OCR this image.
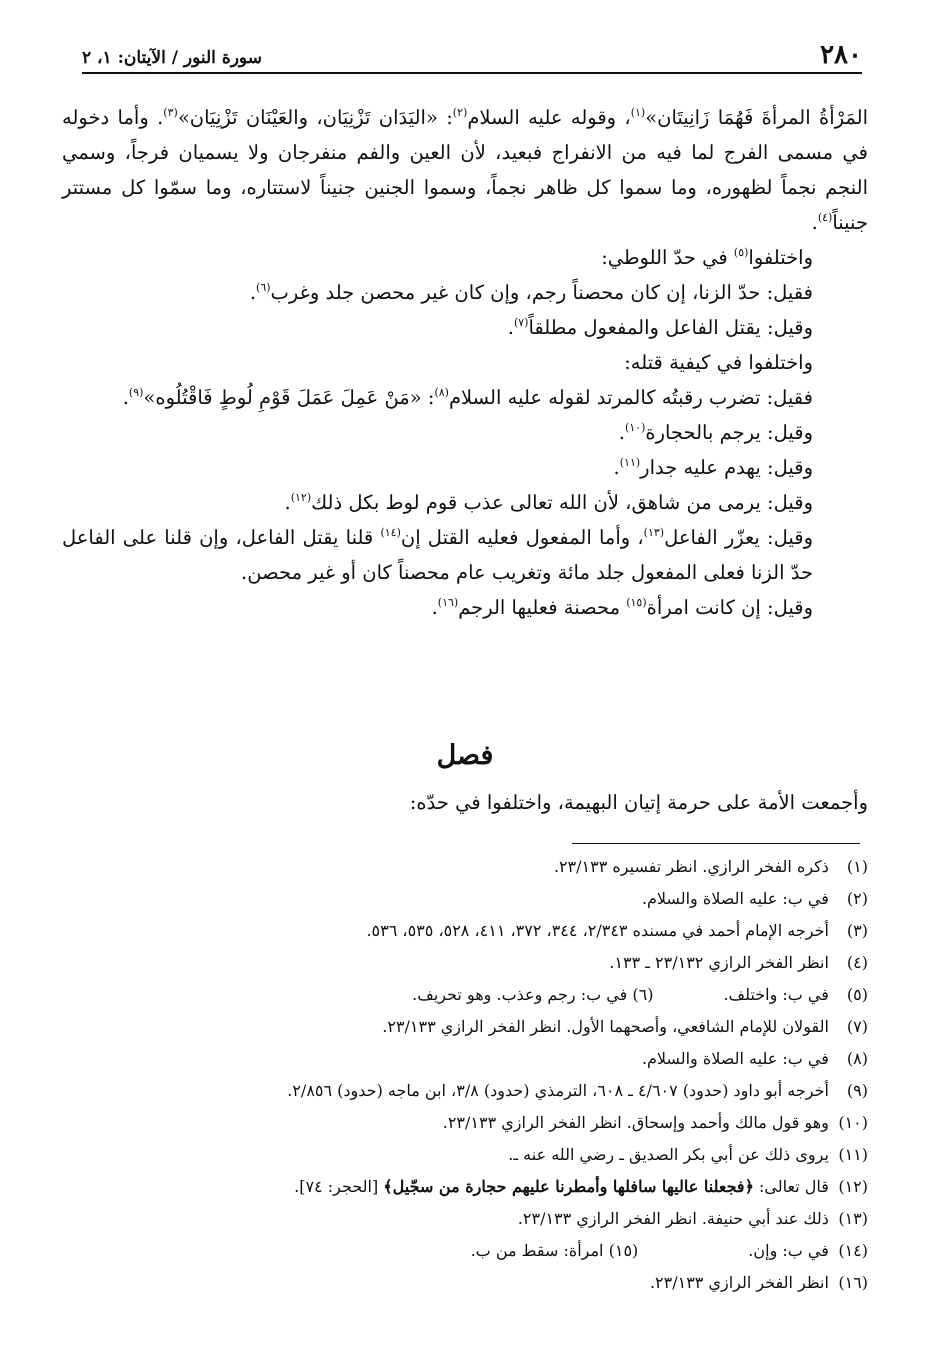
٢٨٠
سورة النور / الآيتان: ١، ٢

المَرْأةُ المرأةَ فَهُمَا زَانِيتَان»$^{(١)}$، وقوله عليه السلام$^{(٢)}$: «اليَدَان تَزْنِيَان، والعَيْنَان تَزْنِيَان»$^{(٣)}$. وأما دخوله في مسمى الفرج لما فيه من الانفراج فبعيد، لأن العين والفم منفرجان ولا يسميان فرجاً، وسمي النجم نجماً لظهوره، وما سموا كل ظاهر نجماً، وسموا الجنين جنيناً لاستتاره، وما سمّوا كل مستتر جنيناً$^{(٤)}$.

واختلفوا$^{(٥)}$ في حدّ اللوطي:

فقيل: حدّ الزنا، إن كان محصناً رجم، وإن كان غير محصن جلد وغرب$^{(٦)}$.

وقيل: يقتل الفاعل والمفعول مطلقاً$^{(٧)}$.

واختلفوا في كيفية قتله:

فقيل: تضرب رقبتُه كالمرتد لقوله عليه السلام$^{(٨)}$: «مَنْ عَمِلَ عَمَلَ قَوْمِ لُوطٍ فَاقْتُلُوه»$^{(٩)}$.

وقيل: يرجم بالحجارة$^{(١٠)}$.

وقيل: يهدم عليه جدار$^{(١١)}$.

وقيل: يرمى من شاهق، لأن الله تعالى عذب قوم لوط بكل ذلك$^{(١٢)}$.

وقيل: يعزّر الفاعل$^{(١٣)}$، وأما المفعول فعليه القتل إن$^{(١٤)}$ قلنا يقتل الفاعل، وإن قلنا على الفاعل حدّ الزنا فعلى المفعول جلد مائة وتغريب عام محصناً كان أو غير محصن.

وقيل: إن كانت امرأة$^{(١٥)}$ محصنة فعليها الرجم$^{(١٦)}$.

فصل
وأجمعت الأمة على حرمة إتيان البهيمة، واختلفوا في حدّه:
(١) ذكره الفخر الرازي. انظر تفسيره ٢٣/١٣٣.
(٢) في ب: عليه الصلاة والسلام.
(٣) أخرجه الإمام أحمد في مسنده ٢/٣٤٣، ٣٤٤، ٣٧٢، ٤١١، ٥٢٨، ٥٣٥، ٥٣٦.
(٤) انظر الفخر الرازي ٢٣/١٣٢ ـ ١٣٣.
(٥) في ب: واختلف.(٦) في ب: رجم وعذب. وهو تحريف.
(٧) القولان للإمام الشافعي، وأصحهما الأول. انظر الفخر الرازي ٢٣/١٣٣.
(٨) في ب: عليه الصلاة والسلام.
(٩) أخرجه أبو داود (حدود) ٤/٦٠٧ ـ ٦٠٨، الترمذي (حدود) ٣/٨، ابن ماجه (حدود) ٢/٨٥٦.
(١٠) وهو قول مالك وأحمد وإسحاق. انظر الفخر الرازي ٢٣/١٣٣.
(١١) يروى ذلك عن أبي بكر الصديق ـ رضي الله عنه ـ.
(١٢) قال تعالى: ﴿فجعلنا عاليها سافلها وأمطرنا عليهم حجارة من سجّيل﴾ [الحجر: ٧٤].
(١٣) ذلك عند أبي حنيفة. انظر الفخر الرازي ٢٣/١٣٣.
(١٤) في ب: وإن.(١٥) امرأة: سقط من ب.
(١٦) انظر الفخر الرازي ٢٣/١٣٣.
